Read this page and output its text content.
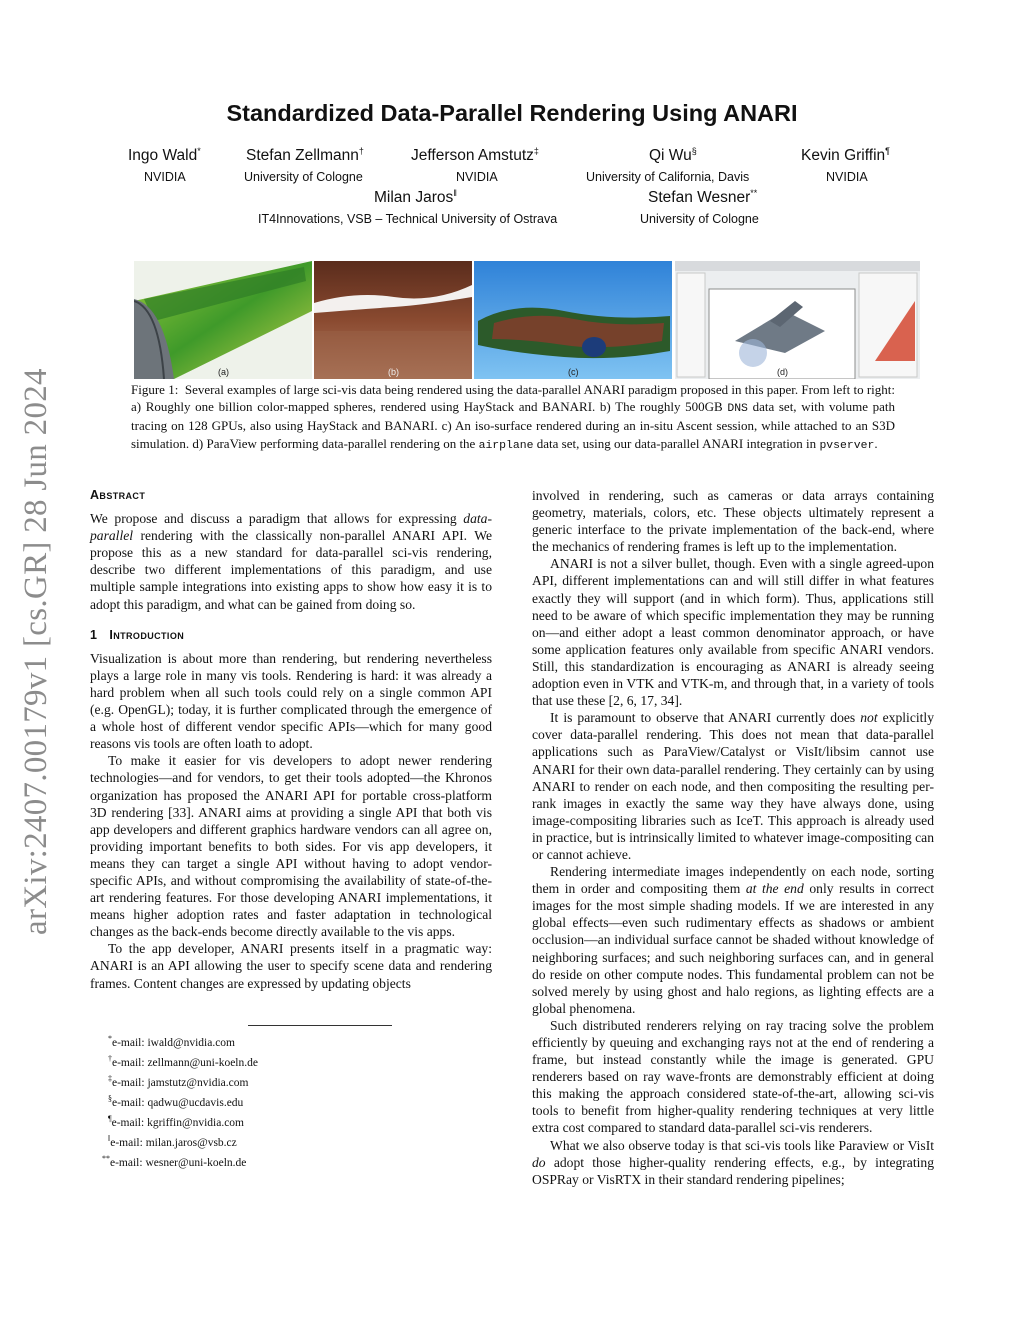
arXiv:2407.00179v1 [cs.GR] 28 Jun 2024
Standardized Data-Parallel Rendering Using ANARI
Ingo Wald*
NVIDIA
Stefan Zellmann†
University of Cologne
Jefferson Amstutz‡
NVIDIA
Qi Wu§
University of California, Davis
Kevin Griffin¶
NVIDIA
Milan Jaros‖
IT4Innovations, VSB – Technical University of Ostrava
Stefan Wesner**
University of Cologne
(a)	(b)	(c)	(d)
Figure 1: Several examples of large sci-vis data being rendered using the data-parallel ANARI paradigm proposed in this paper. From left to right: a) Roughly one billion color-mapped spheres, rendered using HayStack and BANARI. b) The roughly 500GB DNS data set, with volume path tracing on 128 GPUs, also using HayStack and BANARI. c) An iso-surface rendered during an in-situ Ascent session, while attached to an S3D simulation. d) ParaView performing data-parallel rendering on the airplane data set, using our data-parallel ANARI integration in pvserver.
Abstract

We propose and discuss a paradigm that allows for expressing data-parallel rendering with the classically non-parallel ANARI API. We propose this as a new standard for data-parallel sci-vis rendering, describe two different implementations of this paradigm, and use multiple sample integrations into existing apps to show how easy it is to adopt this paradigm, and what can be gained from doing so.

1 Introduction

Visualization is about more than rendering, but rendering nevertheless plays a large role in many vis tools. Rendering is hard: it was already a hard problem when all such tools could rely on a single common API (e.g. OpenGL); today, it is further complicated through the emergence of a whole host of different vendor specific APIs—which for many good reasons vis tools are often loath to adopt.

To make it easier for vis developers to adopt newer rendering technologies—and for vendors, to get their tools adopted—the Khronos organization has proposed the ANARI API for portable cross-platform 3D rendering [33]. ANARI aims at providing a single API that both vis app developers and different graphics hardware vendors can all agree on, providing important benefits to both sides. For vis app developers, it means they can target a single API without having to adopt vendor-specific APIs, and without compromising the availability of state-of-the-art rendering features. For those developing ANARI implementations, it means higher adoption rates and faster adaptation in technological changes as the back-ends become directly available to the vis apps.

To the app developer, ANARI presents itself in a pragmatic way: ANARI is an API allowing the user to specify scene data and rendering frames. Content changes are expressed by updating objects

*e-mail: iwald@nvidia.com
†e-mail: zellmann@uni-koeln.de
‡e-mail: jamstutz@nvidia.com
§e-mail: qadwu@ucdavis.edu
¶e-mail: kgriffin@nvidia.com
‖e-mail: milan.jaros@vsb.cz
**e-mail: wesner@uni-koeln.de

involved in rendering, such as cameras or data arrays containing geometry, materials, colors, etc. These objects ultimately represent a generic interface to the private implementation of the back-end, where the mechanics of rendering frames is left up to the implementation.

ANARI is not a silver bullet, though. Even with a single agreed-upon API, different implementations can and will still differ in what features exactly they will support (and in which form). Thus, applications still need to be aware of which specific implementation they may be running on—and either adopt a least common denominator approach, or have some application features only available from specific ANARI vendors. Still, this standardization is encouraging as ANARI is already seeing adoption even in VTK and VTK-m, and through that, in a variety of tools that use these [2, 6, 17, 34].

It is paramount to observe that ANARI currently does not explicitly cover data-parallel rendering. This does not mean that data-parallel applications such as ParaView/Catalyst or VisIt/libsim cannot use ANARI for their own data-parallel rendering. They certainly can by using ANARI to render on each node, and then compositing the resulting per-rank images in exactly the same way they have always done, using image-compositing libraries such as IceT. This approach is already used in practice, but is intrinsically limited to whatever image-compositing can or cannot achieve.

Rendering intermediate images independently on each node, sorting them in order and compositing them at the end only results in correct images for the most simple shading models. If we are interested in any global effects—even such rudimentary effects as shadows or ambient occlusion—an individual surface cannot be shaded without knowledge of neighboring surfaces; and such neighboring surfaces can, and in general do reside on other compute nodes. This fundamental problem can not be solved merely by using ghost and halo regions, as lighting effects are a global phenomena.

Such distributed renderers relying on ray tracing solve the problem efficiently by queuing and exchanging rays not at the end of rendering a frame, but instead constantly while the image is generated. GPU renderers based on ray wave-fronts are demonstrably efficient at doing this making the approach considered state-of-the-art, allowing sci-vis tools to benefit from higher-quality rendering techniques at very little extra cost compared to standard data-parallel sci-vis renderers.

What we also observe today is that sci-vis tools like Paraview or VisIt do adopt those higher-quality rendering effects, e.g., by integrating OSPRay or VisRTX in their standard rendering pipelines;
